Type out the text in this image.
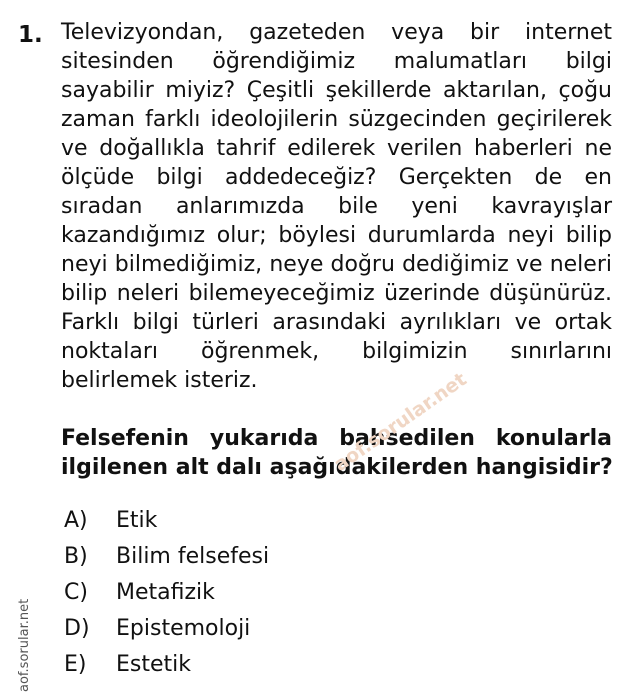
1. Televizyondan, gazeteden veya bir internet
sitesinden öğrendiğimiz malumatları bilgi
sayabilir miyiz? Çeşitli şekillerde aktarılan, çoğu
zaman farklı ideolojilerin süzgecinden geçirilerek
ve doğallıkla tahrif edilerek verilen haberleri ne
ölçüde bilgi addedeceğiz? Gerçekten de en
sıradan anlarımızda bile yeni kavrayışlar
kazandığımız olur; böylesi durumlarda neyi bilip
neyi bilmediğimiz, neye doğru dediğimiz ve neleri
bilip neleri bilemeyeceğimiz üzerinde düşünürüz.
Farklı bilgi türleri arasındaki ayrılıkları ve ortak
noktaları öğrenmek, bilgimizin sınırlarını
belirlemek isteriz.
Felsefenin yukarıda bahsedilen konularla
ilgilenen alt dalı aşağıdakilerden hangisidir?
aof.sorular.net
A)	Etik
B)	Bilim felsefesi
C)	Metafizik
D)	Epistemoloji
E)	Estetik
aof.sorular.net
